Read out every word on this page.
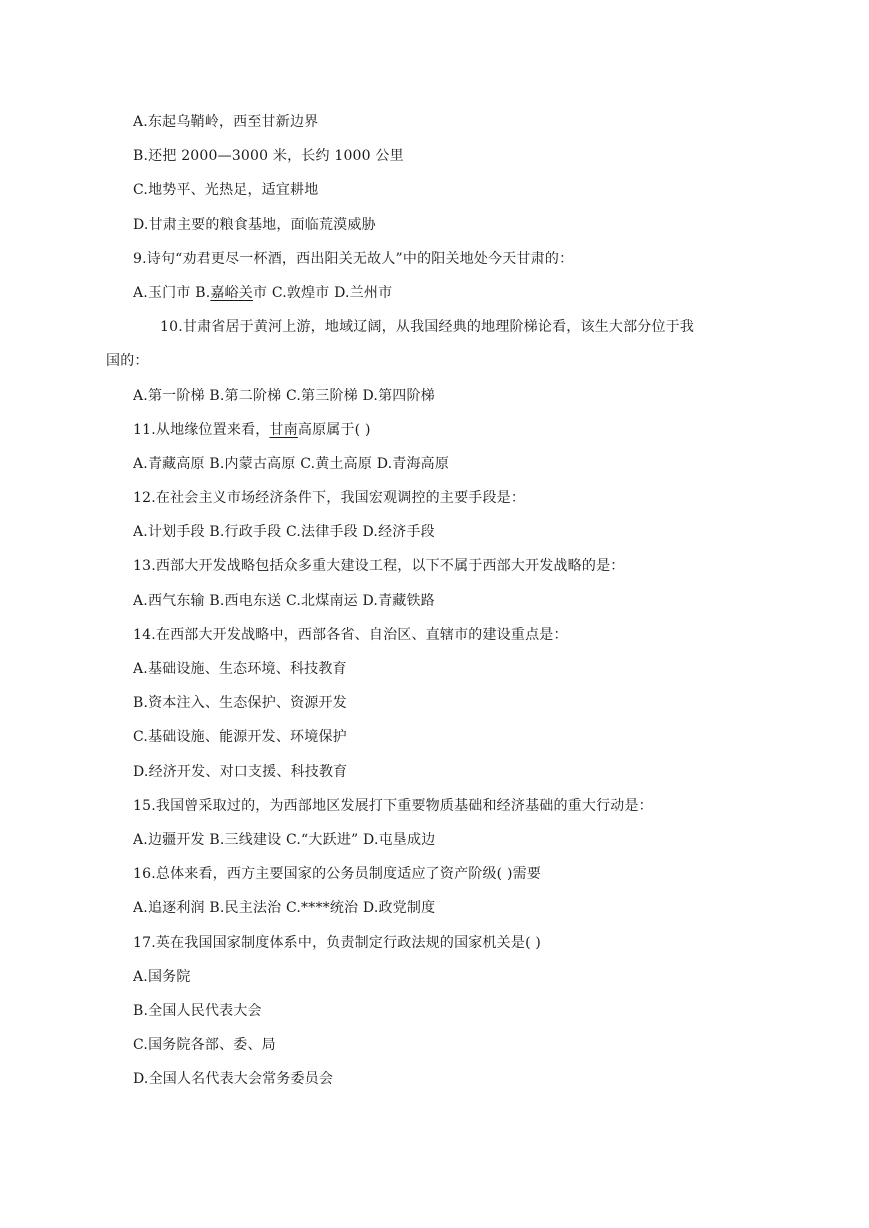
A.东起乌鞘岭，西至甘新边界
B.还把 2000—3000 米，长约 1000 公里
C.地势平、光热足，适宜耕地
D.甘肃主要的粮食基地，面临荒漠威胁
9.诗句“劝君更尽一杯酒，西出阳关无故人”中的阳关地处今天甘肃的：
A.玉门市 B.嘉峪关市 C.敦煌市 D.兰州市
10.甘肃省居于黄河上游，地域辽阔，从我国经典的地理阶梯论看，该生大部分位于我
国的：
A.第一阶梯 B.第二阶梯 C.第三阶梯 D.第四阶梯
11.从地缘位置来看，甘南高原属于( )
A.青藏高原 B.内蒙古高原 C.黄土高原 D.青海高原
12.在社会主义市场经济条件下，我国宏观调控的主要手段是：
A.计划手段 B.行政手段 C.法律手段 D.经济手段
13.西部大开发战略包括众多重大建设工程，以下不属于西部大开发战略的是：
A.西气东输 B.西电东送 C.北煤南运 D.青藏铁路
14.在西部大开发战略中，西部各省、自治区、直辖市的建设重点是：
A.基础设施、生态环境、科技教育
B.资本注入、生态保护、资源开发
C.基础设施、能源开发、环境保护
D.经济开发、对口支援、科技教育
15.我国曾采取过的，为西部地区发展打下重要物质基础和经济基础的重大行动是：
A.边疆开发 B.三线建设 C.“大跃进” D.屯垦成边
16.总体来看，西方主要国家的公务员制度适应了资产阶级( )需要
A.追逐利润 B.民主法治 C.****统治 D.政党制度
17.英在我国国家制度体系中，负责制定行政法规的国家机关是( )
A.国务院
B.全国人民代表大会
C.国务院各部、委、局
D.全国人名代表大会常务委员会
